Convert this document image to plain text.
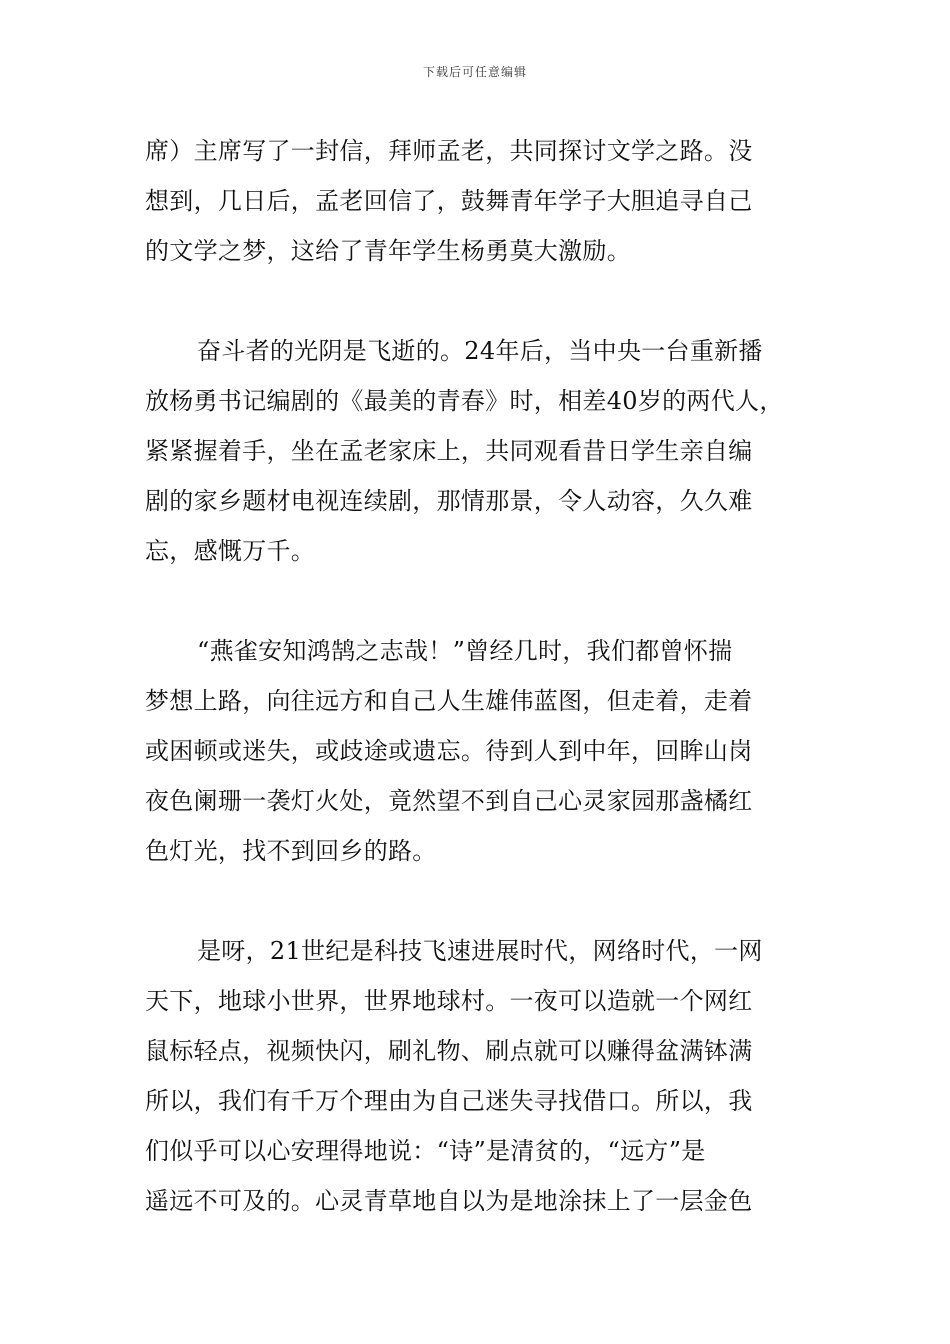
下载后可任意编辑
席）主席写了一封信，拜师孟老，共同探讨文学之路。没
想到，几日后，孟老回信了，鼓舞青年学子大胆追寻自己
的文学之梦，这给了青年学生杨勇莫大激励。
奋斗者的光阴是飞逝的。24年后，当中央一台重新播
放杨勇书记编剧的《最美的青春》时，相差40岁的两代人，
紧紧握着手，坐在孟老家床上，共同观看昔日学生亲自编
剧的家乡题材电视连续剧，那情那景，令人动容，久久难
忘，感慨万千。
“燕雀安知鸿鹄之志哉！”曾经几时，我们都曾怀揣
梦想上路，向往远方和自己人生雄伟蓝图，但走着，走着
或困顿或迷失，或歧途或遗忘。待到人到中年，回眸山岗
夜色阑珊一袭灯火处，竟然望不到自己心灵家园那盏橘红
色灯光，找不到回乡的路。
是呀，21世纪是科技飞速进展时代，网络时代，一网
天下，地球小世界，世界地球村。一夜可以造就一个网红
鼠标轻点，视频快闪，刷礼物、刷点就可以赚得盆满钵满
所以，我们有千万个理由为自己迷失寻找借口。所以，我
们似乎可以心安理得地说：“诗”是清贫的，“远方”是
遥远不可及的。心灵青草地自以为是地涂抹上了一层金色
